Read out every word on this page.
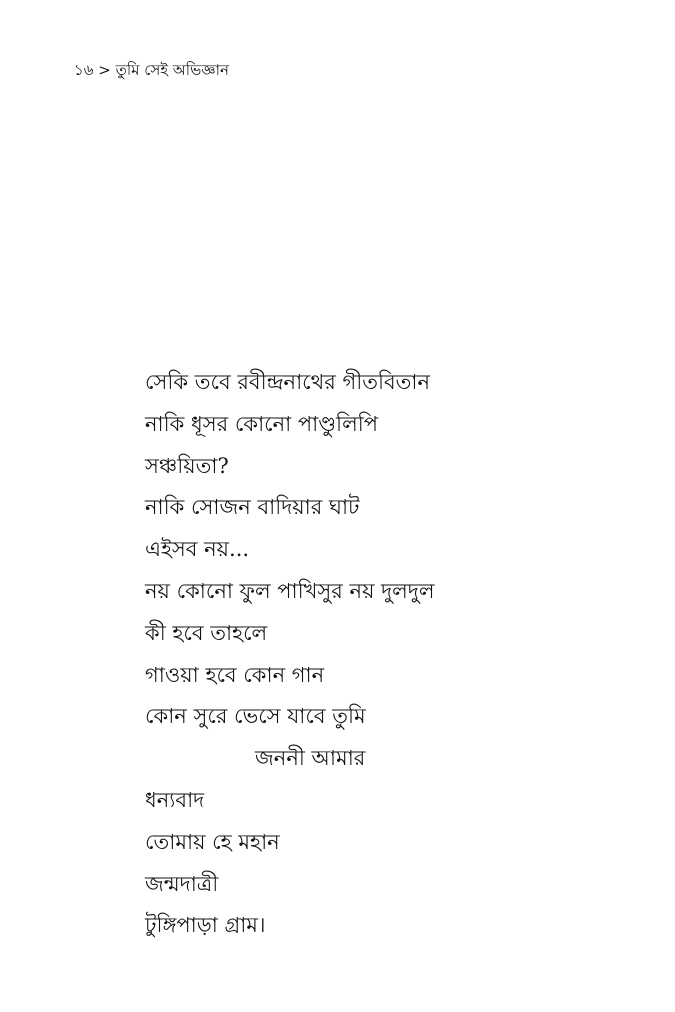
১৬ > তুমি সেই অভিজ্ঞান
সেকি তবে রবীন্দ্রনাথের গীতবিতান
নাকি ধূসর কোনো পাণ্ডুলিপি
সঞ্চয়িতা?
নাকি সোজন বাদিয়ার ঘাট
এইসব নয়...
নয় কোনো ফুল পাখিসুর নয় দুলদুল
কী হবে তাহলে
গাওয়া হবে কোন গান
কোন সুরে ভেসে যাবে তুমি
জননী আমার
ধন্যবাদ
তোমায় হে মহান
জন্মদাত্রী
টুঙ্গিপাড়া গ্রাম।
